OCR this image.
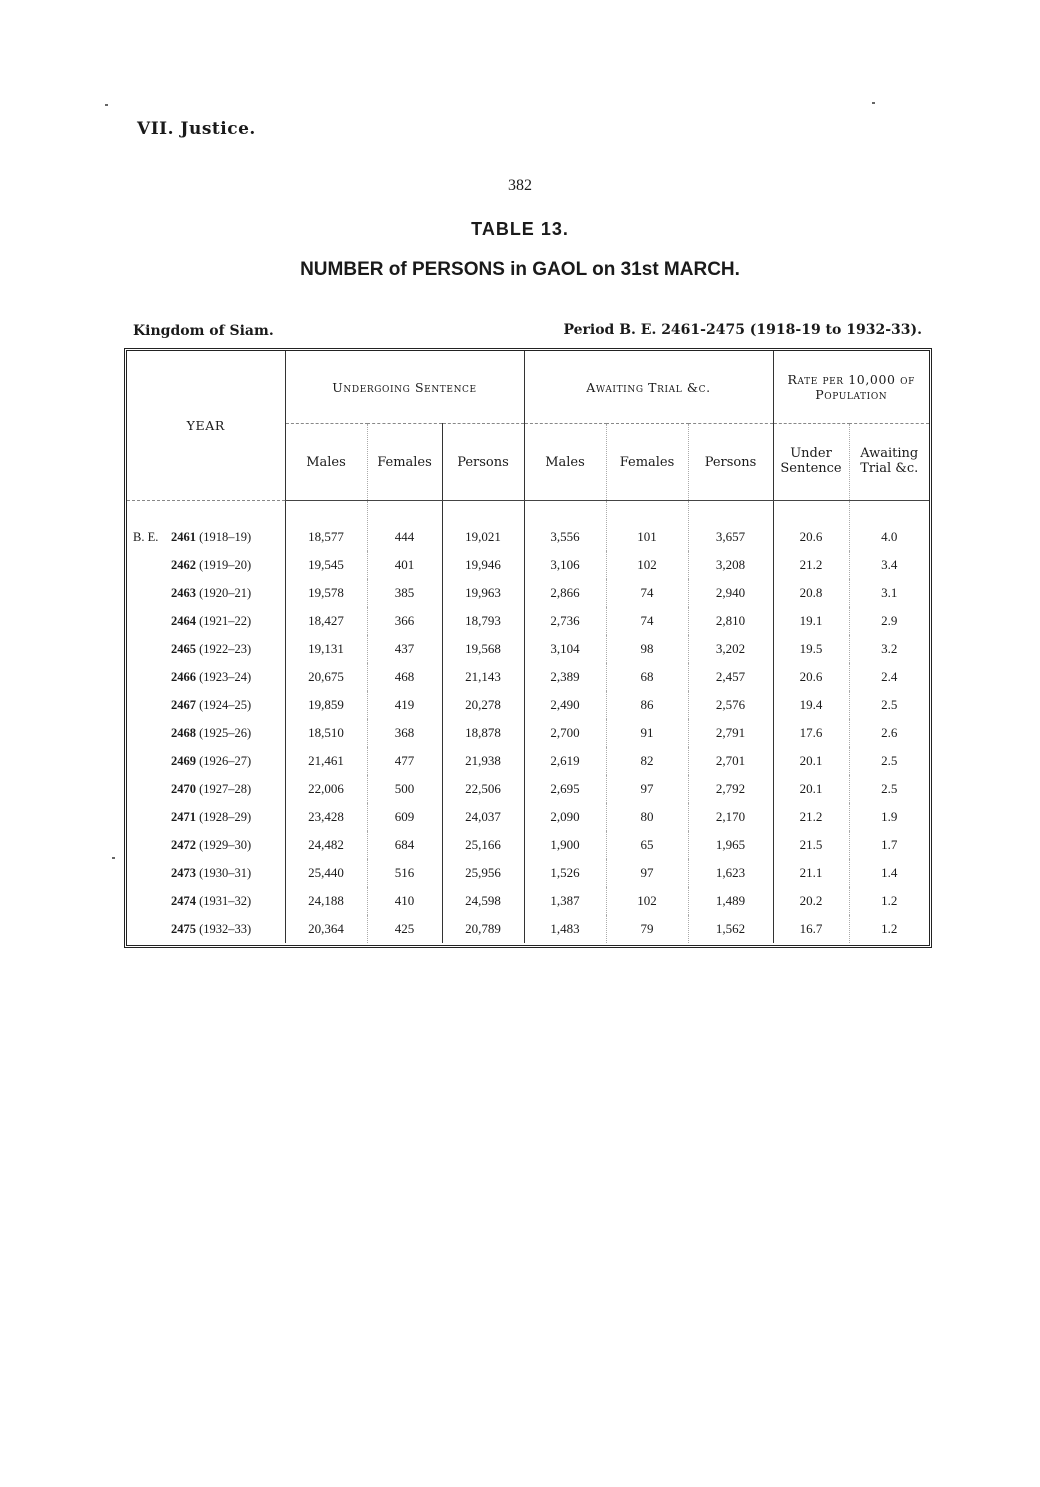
VII. Justice.
382
TABLE 13.
NUMBER of PERSONS in GAOL on 31st MARCH.
Kingdom of Siam.	Period B. E. 2461-2475 (1918-19 to 1932-33).
YEAR	Undergoing Sentence			Awaiting Trial &c.			Rate per 10,000 of Population	
	Males	Females	Persons	Males	Females	Persons	Under Sentence	Awaiting Trial &c.
B. E. 2461 (1918–19)	18,577	444	19,021	3,556	101	3,657	20.6	4.0
2462 (1919–20)	19,545	401	19,946	3,106	102	3,208	21.2	3.4
2463 (1920–21)	19,578	385	19,963	2,866	74	2,940	20.8	3.1
2464 (1921–22)	18,427	366	18,793	2,736	74	2,810	19.1	2.9
2465 (1922–23)	19,131	437	19,568	3,104	98	3,202	19.5	3.2
2466 (1923–24)	20,675	468	21,143	2,389	68	2,457	20.6	2.4
2467 (1924–25)	19,859	419	20,278	2,490	86	2,576	19.4	2.5
2468 (1925–26)	18,510	368	18,878	2,700	91	2,791	17.6	2.6
2469 (1926–27)	21,461	477	21,938	2,619	82	2,701	20.1	2.5
2470 (1927–28)	22,006	500	22,506	2,695	97	2,792	20.1	2.5
2471 (1928–29)	23,428	609	24,037	2,090	80	2,170	21.2	1.9
2472 (1929–30)	24,482	684	25,166	1,900	65	1,965	21.5	1.7
2473 (1930–31)	25,440	516	25,956	1,526	97	1,623	21.1	1.4
2474 (1931–32)	24,188	410	24,598	1,387	102	1,489	20.2	1.2
2475 (1932–33)	20,364	425	20,789	1,483	79	1,562	16.7	1.2
